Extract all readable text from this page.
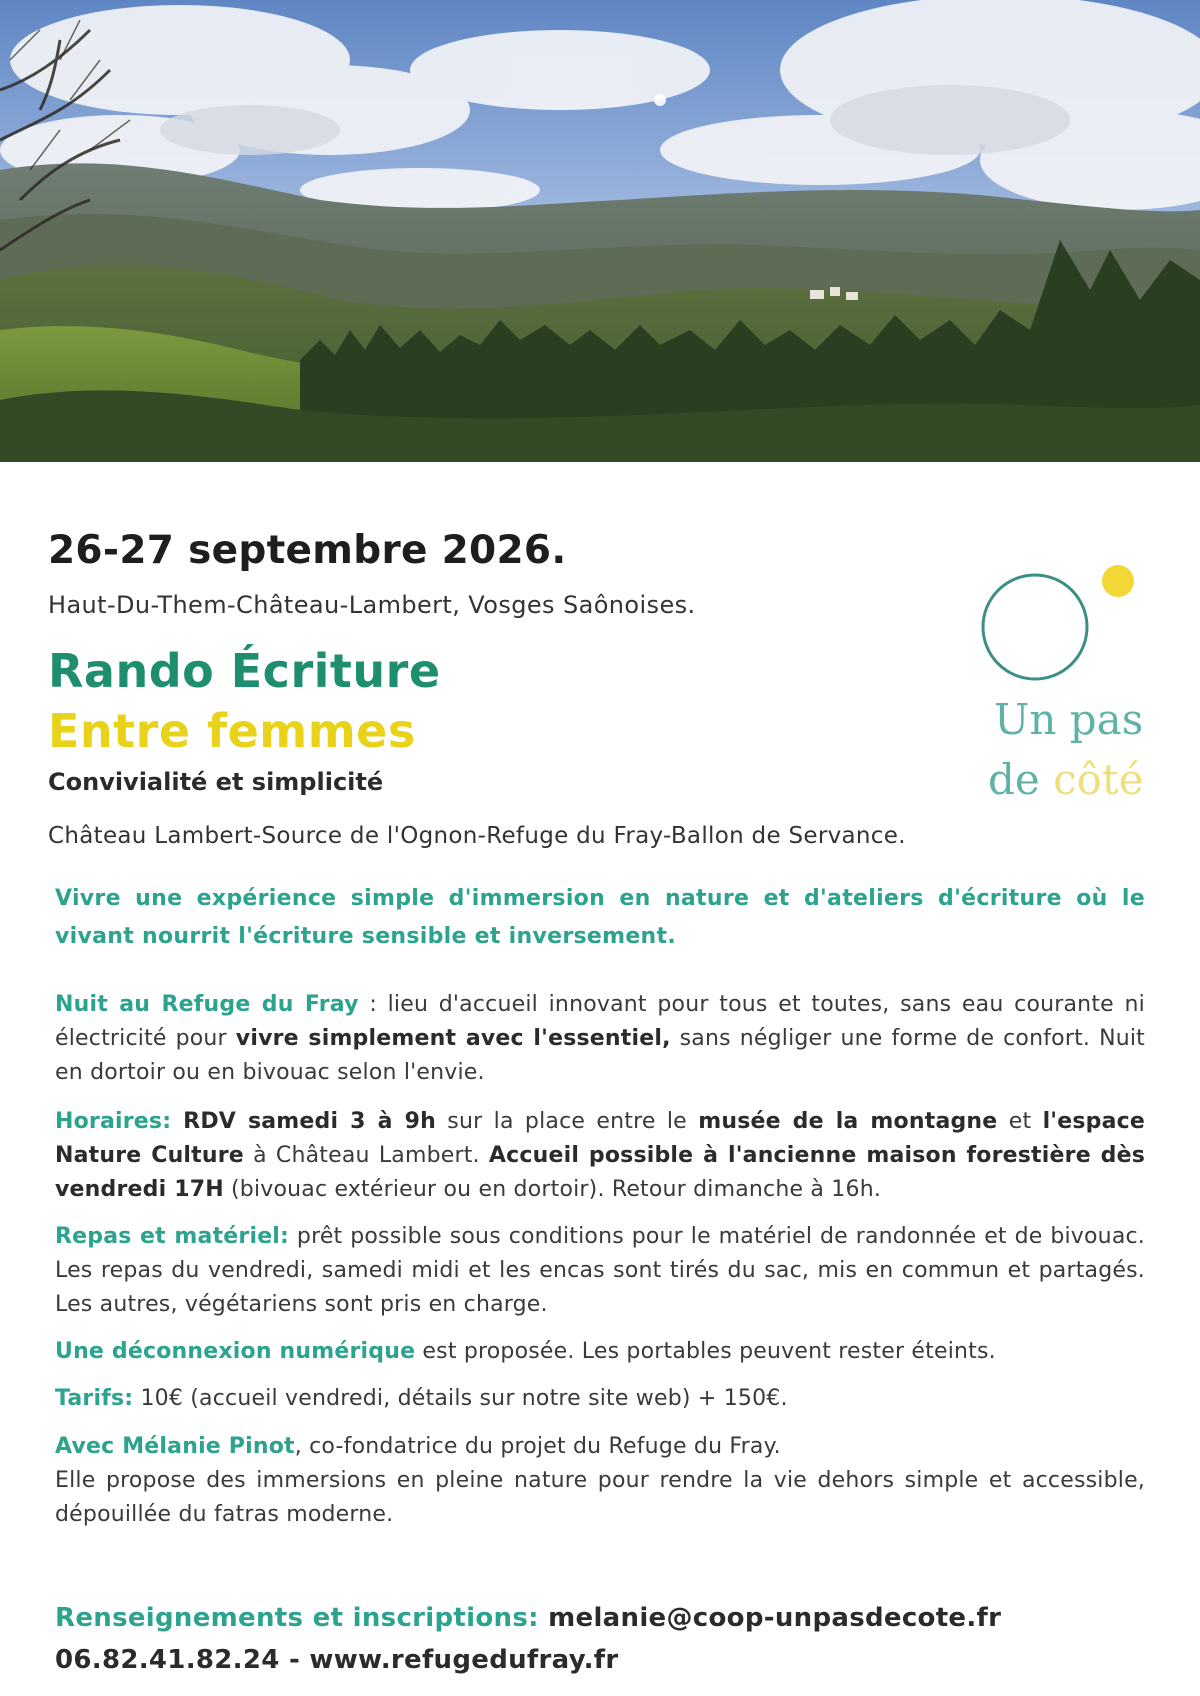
26-27 septembre 2026.
Haut-Du-Them-Château-Lambert, Vosges Saônoises.
Rando Écriture
Entre femmes
Convivialité et simplicité
Château Lambert-Source de l'Ognon-Refuge du Fray-Ballon de Servance.
Un pas
de côté
Vivre une expérience simple d'immersion en nature et d'ateliers d'écriture où le vivant nourrit l'écriture sensible et inversement.
Nuit au Refuge du Fray : lieu d'accueil innovant pour tous et toutes, sans eau courante ni électricité pour vivre simplement avec l'essentiel, sans négliger une forme de confort. Nuit en dortoir ou en bivouac selon l'envie.
Horaires: RDV samedi 3 à 9h sur la place entre le musée de la montagne et l'espace Nature Culture à Château Lambert. Accueil possible à l'ancienne maison forestière dès vendredi 17H (bivouac extérieur ou en dortoir). Retour dimanche à 16h.
Repas et matériel: prêt possible sous conditions pour le matériel de randonnée et de bivouac. Les repas du vendredi, samedi midi et les encas sont tirés du sac, mis en commun et partagés. Les autres, végétariens sont pris en charge.
Une déconnexion numérique est proposée. Les portables peuvent rester éteints.
Tarifs: 10€ (accueil vendredi, détails sur notre site web) + 150€.
Avec Mélanie Pinot, co-fondatrice du projet du Refuge du Fray.
Elle propose des immersions en pleine nature pour rendre la vie dehors simple et accessible, dépouillée du fatras moderne.
Renseignements et inscriptions: melanie@coop-unpasdecote.fr
06.82.41.82.24 - www.refugedufray.fr
